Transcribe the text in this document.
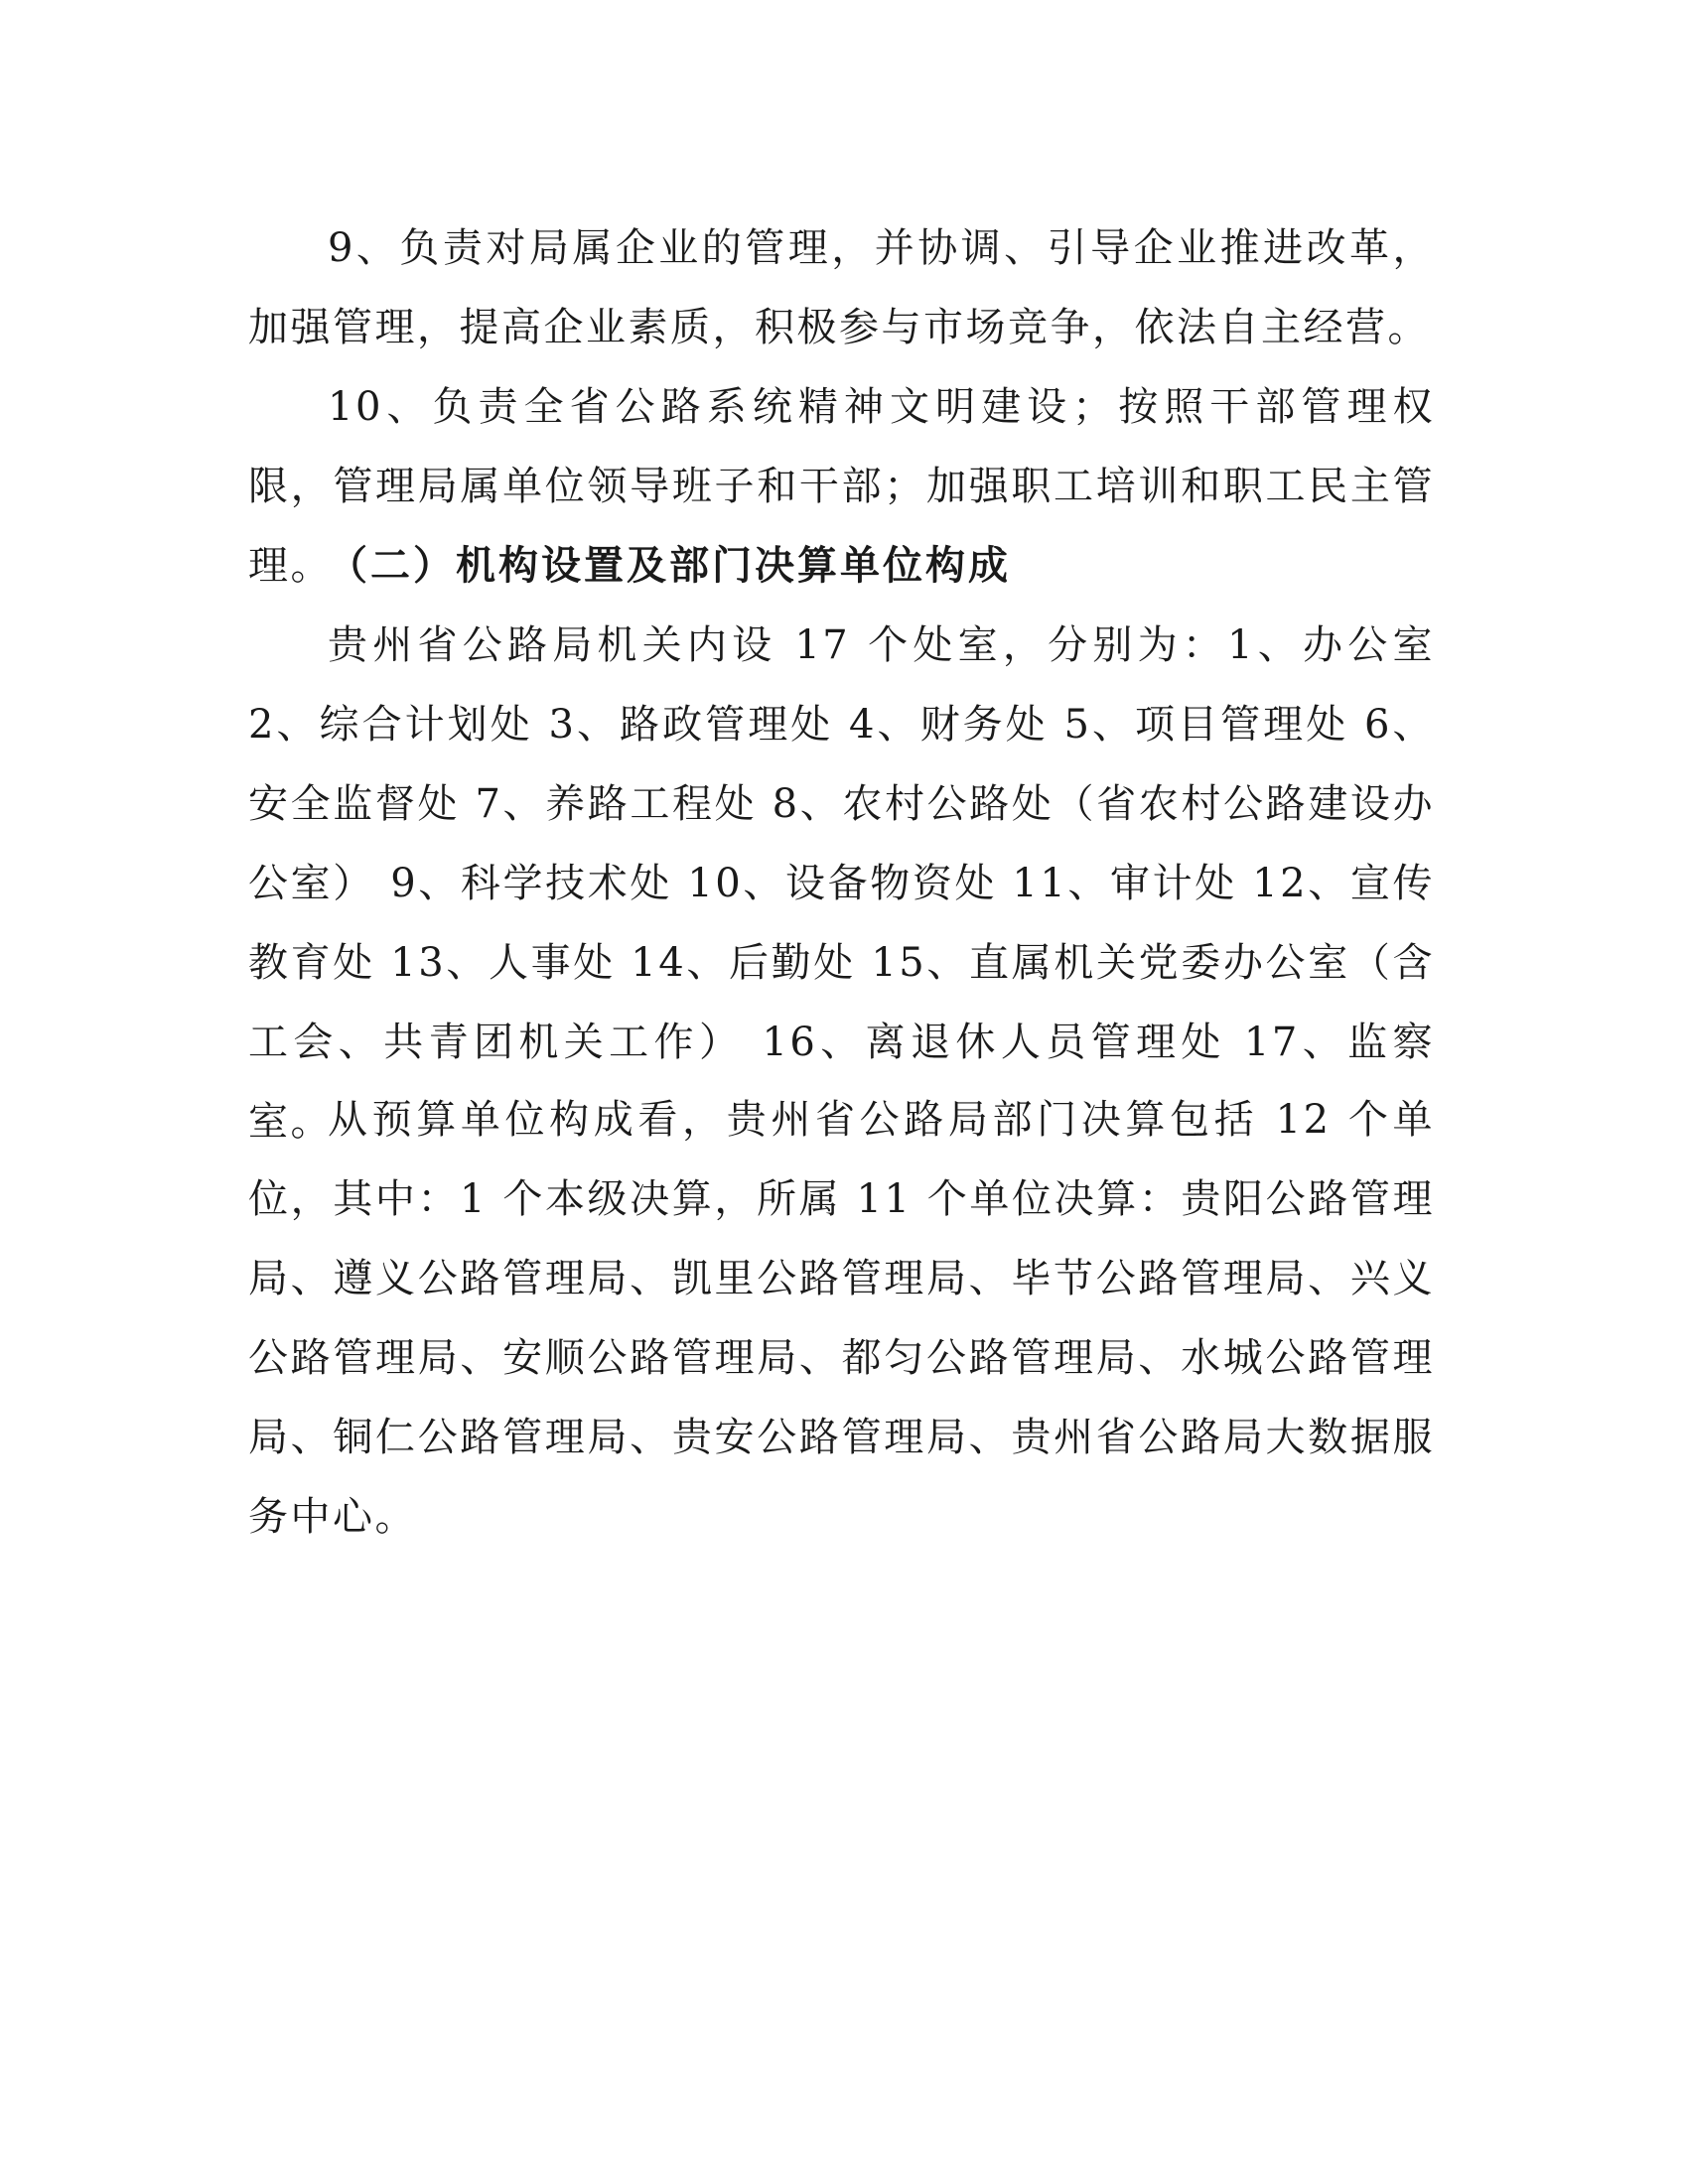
9、负责对局属企业的管理，并协调、引导企业推进改革，加强管理，提高企业素质，积极参与市场竞争，依法自主经营。

10、负责全省公路系统精神文明建设；按照干部管理权限，管理局属单位领导班子和干部；加强职工培训和职工民主管理。

（二）机构设置及部门决算单位构成

贵州省公路局机关内设 17 个处室，分别为：1、办公室 2、综合计划处 3、路政管理处 4、财务处 5、项目管理处 6、安全监督处 7、养路工程处 8、农村公路处（省农村公路建设办公室） 9、科学技术处 10、设备物资处 11、审计处 12、宣传教育处 13、人事处 14、后勤处 15、直属机关党委办公室（含工会、共青团机关工作） 16、离退休人员管理处 17、监察室。

从预算单位构成看，贵州省公路局部门决算包括 12 个单位，其中：1 个本级决算，所属 11 个单位决算：贵阳公路管理局、遵义公路管理局、凯里公路管理局、毕节公路管理局、兴义公路管理局、安顺公路管理局、都匀公路管理局、水城公路管理局、铜仁公路管理局、贵安公路管理局、贵州省公路局大数据服务中心。
